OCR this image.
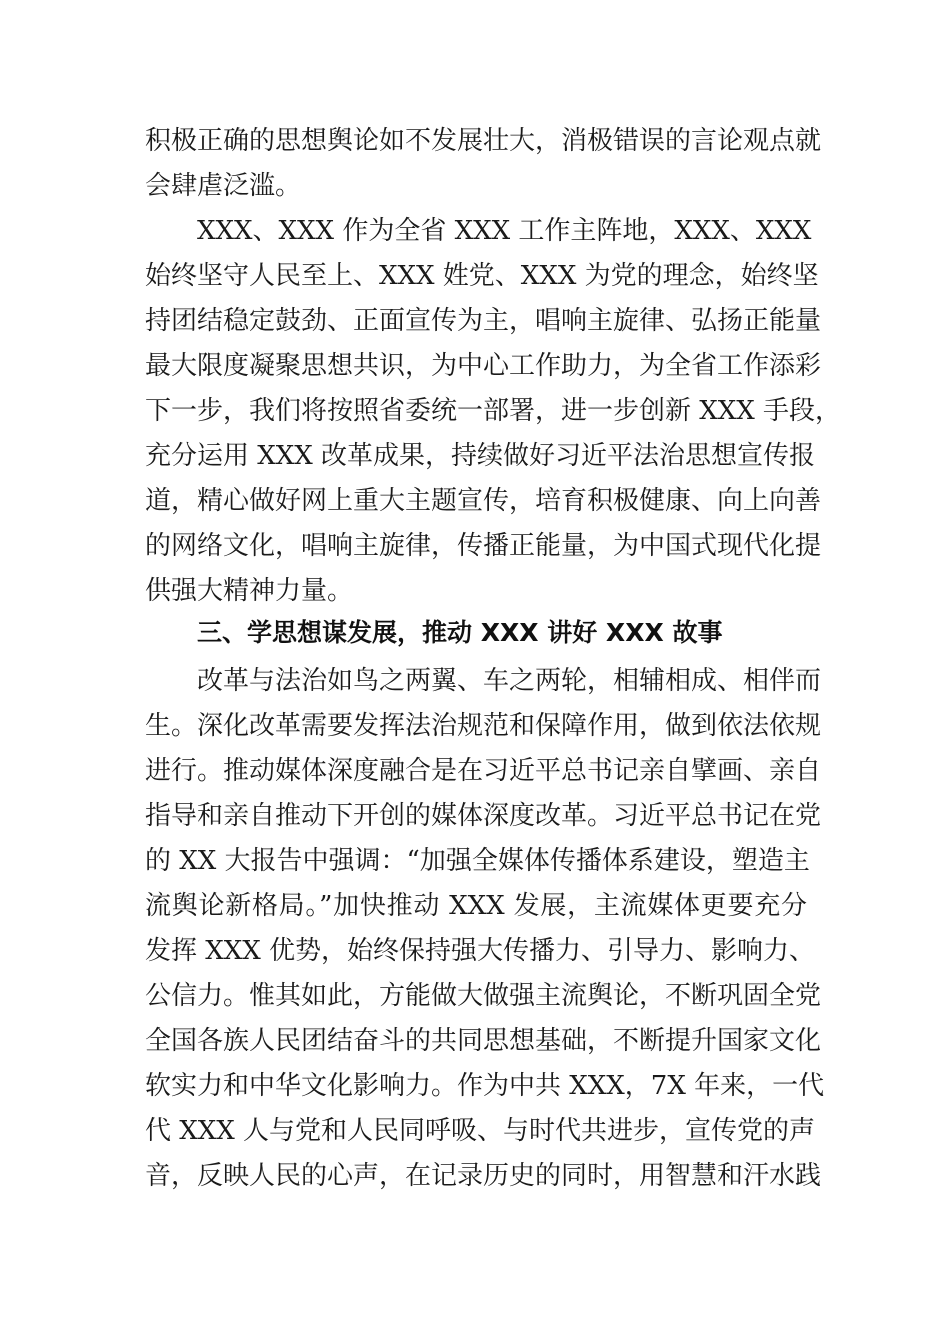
积极正确的思想舆论如不发展壮大，消极错误的言论观点就
会肆虐泛滥。
XXX、XXX 作为全省 XXX 工作主阵地，XXX、XXX
始终坚守人民至上、XXX 姓党、XXX 为党的理念，始终坚
持团结稳定鼓劲、正面宣传为主，唱响主旋律、弘扬正能量
最大限度凝聚思想共识，为中心工作助力，为全省工作添彩
下一步，我们将按照省委统一部署，进一步创新 XXX 手段，
充分运用 XXX 改革成果，持续做好习近平法治思想宣传报
道，精心做好网上重大主题宣传，培育积极健康、向上向善
的网络文化，唱响主旋律，传播正能量，为中国式现代化提
供强大精神力量。
改革与法治如鸟之两翼、车之两轮，相辅相成、相伴而
生。深化改革需要发挥法治规范和保障作用，做到依法依规
进行。推动媒体深度融合是在习近平总书记亲自擘画、亲自
指导和亲自推动下开创的媒体深度改革。习近平总书记在党
的 XX 大报告中强调：“加强全媒体传播体系建设，塑造主
流舆论新格局。”加快推动 XXX 发展，主流媒体更要充分
发挥 XXX 优势，始终保持强大传播力、引导力、影响力、
公信力。惟其如此，方能做大做强主流舆论，不断巩固全党
全国各族人民团结奋斗的共同思想基础，不断提升国家文化
软实力和中华文化影响力。作为中共 XXX，7X 年来，一代
代 XXX 人与党和人民同呼吸、与时代共进步，宣传党的声
音，反映人民的心声，在记录历史的同时，用智慧和汗水践
三、学思想谋发展，推动 XXX 讲好 XXX 故事
